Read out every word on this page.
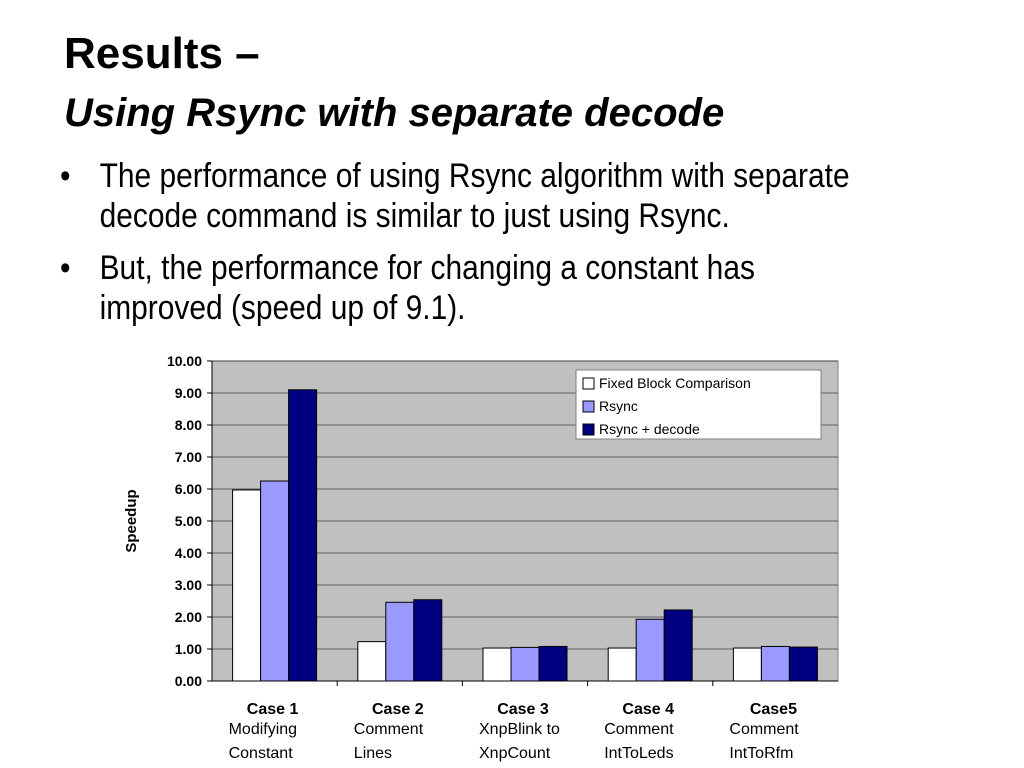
Results –
Using Rsync with separate decode
• The performance of using Rsync algorithm with separate decode command is similar to just using Rsync.
• But, the performance for changing a constant has improved (speed up of 9.1).
0.00
1.00
2.00
3.00
4.00
5.00
6.00
7.00
8.00
9.00
10.00
Speedup
Case 1
Modifying
Constant
Case 2
Comment
Lines
Case 3
XnpBlink to
XnpCount
Case 4
Comment
IntToLeds
Case5
Comment
IntToRfm
Fixed Block Comparison
Rsync
Rsync + decode
